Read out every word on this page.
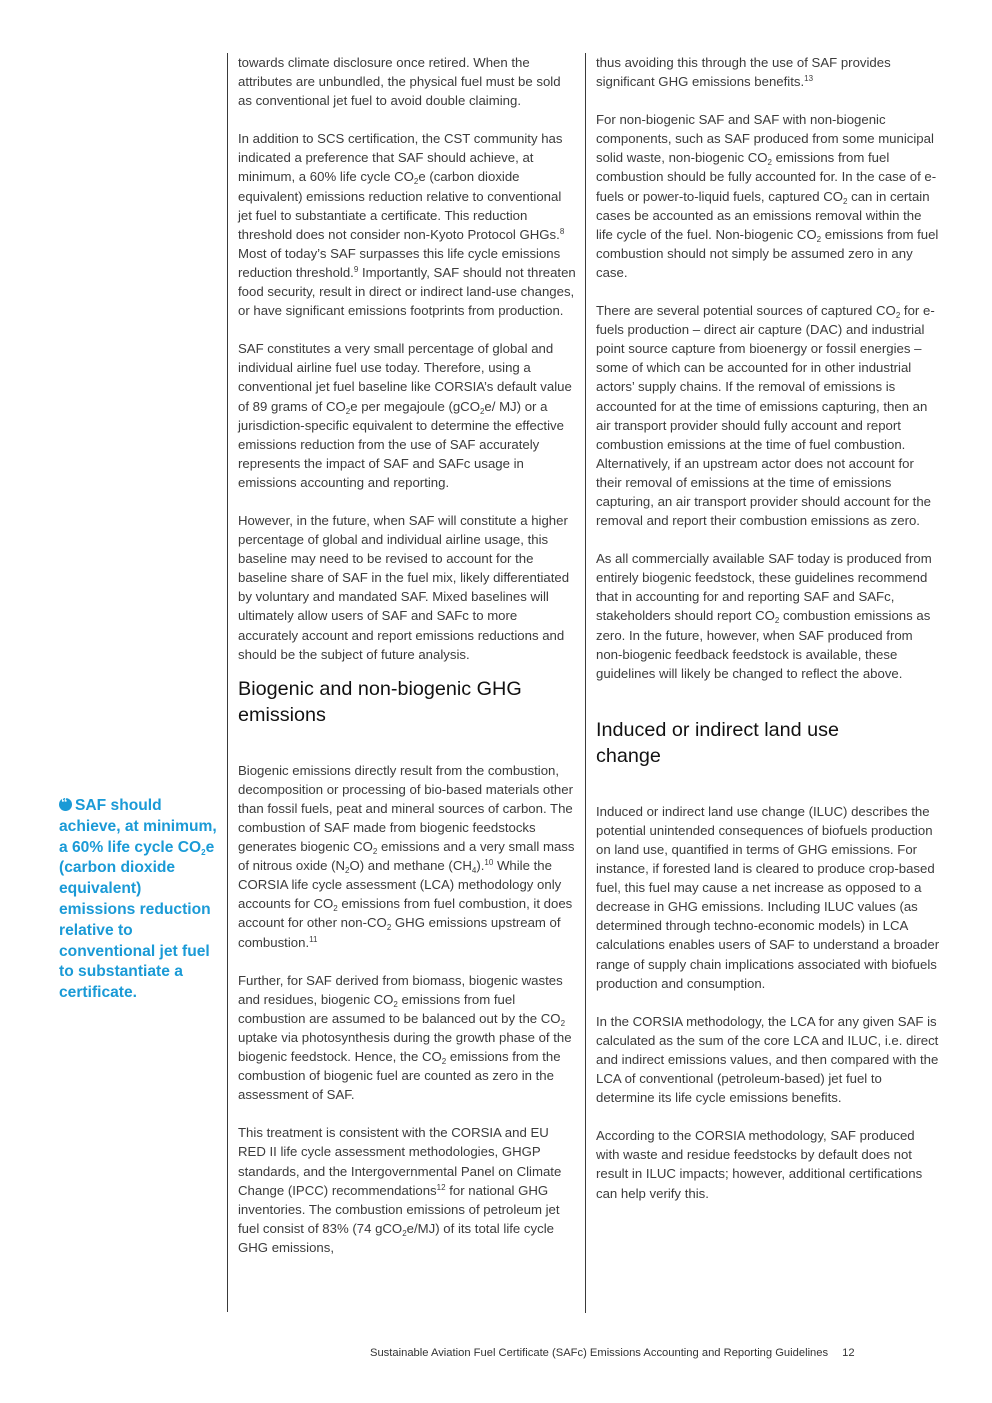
“SAF should achieve, at minimum, a 60% life cycle $CO_2e$ (carbon dioxide equivalent) emissions reduction relative to conventional jet fuel to substantiate a certificate.

towards climate disclosure once retired. When the attributes are unbundled, the physical fuel must be sold as conventional jet fuel to avoid double claiming.

In addition to SCS certification, the CST community has indicated a preference that SAF should achieve, at minimum, a 60% life cycle $CO_2e$ (carbon dioxide equivalent) emissions reduction relative to conventional jet fuel to substantiate a certificate. This reduction threshold does not consider non-Kyoto Protocol GHGs.$^8$ Most of today’s SAF surpasses this life cycle emissions reduction threshold.$^9$ Importantly, SAF should not threaten food security, result in direct or indirect land-use changes, or have significant emissions footprints from production.

SAF constitutes a very small percentage of global and individual airline fuel use today. Therefore, using a conventional jet fuel baseline like CORSIA’s default value of 89 grams of $CO_2e$ per megajoule (gCO$_2$e/ MJ) or a jurisdiction-specific equivalent to determine the effective emissions reduction from the use of SAF accurately represents the impact of SAF and SAFc usage in emissions accounting and reporting.

However, in the future, when SAF will constitute a higher percentage of global and individual airline usage, this baseline may need to be revised to account for the baseline share of SAF in the fuel mix, likely differentiated by voluntary and mandated SAF. Mixed baselines will ultimately allow users of SAF and SAFc to more accurately account and report emissions reductions and should be the subject of future analysis.

Biogenic and non-biogenic GHG emissions

Biogenic emissions directly result from the combustion, decomposition or processing of bio-based materials other than fossil fuels, peat and mineral sources of carbon. The combustion of SAF made from biogenic feedstocks generates biogenic $CO_2$ emissions and a very small mass of nitrous oxide $(N_2O)$ and methane $(CH_4).^{10}$ While the CORSIA life cycle assessment (LCA) methodology only accounts for $CO_2$ emissions from fuel combustion, it does account for other non-$CO_2$ GHG emissions upstream of combustion.$^{11}$

Further, for SAF derived from biomass, biogenic wastes and residues, biogenic $CO_2$ emissions from fuel combustion are assumed to be balanced out by the $CO_2$ uptake via photosynthesis during the growth phase of the biogenic feedstock. Hence, the $CO_2$ emissions from the combustion of biogenic fuel are counted as zero in the assessment of SAF.

This treatment is consistent with the CORSIA and EU RED II life cycle assessment methodologies, GHGP standards, and the Intergovernmental Panel on Climate Change (IPCC) recommendations$^{12}$ for national GHG inventories. The combustion emissions of petroleum jet fuel consist of 83% (74 gCO$_2$e/MJ) of its total life cycle GHG emissions,

thus avoiding this through the use of SAF provides significant GHG emissions benefits.$^{13}$

For non-biogenic SAF and SAF with non-biogenic components, such as SAF produced from some municipal solid waste, non-biogenic $CO_2$ emissions from fuel combustion should be fully accounted for. In the case of e-fuels or power-to-liquid fuels, captured $CO_2$ can in certain cases be accounted as an emissions removal within the life cycle of the fuel. Non-biogenic $CO_2$ emissions from fuel combustion should not simply be assumed zero in any case.

There are several potential sources of captured $CO_2$ for e-fuels production – direct air capture (DAC) and industrial point source capture from bioenergy or fossil energies – some of which can be accounted for in other industrial actors’ supply chains. If the removal of emissions is accounted for at the time of emissions capturing, then an air transport provider should fully account and report combustion emissions at the time of fuel combustion. Alternatively, if an upstream actor does not account for their removal of emissions at the time of emissions capturing, an air transport provider should account for the removal and report their combustion emissions as zero.

As all commercially available SAF today is produced from entirely biogenic feedstock, these guidelines recommend that in accounting for and reporting SAF and SAFc, stakeholders should report $CO_2$ combustion emissions as zero. In the future, however, when SAF produced from non-biogenic feedback feedstock is available, these guidelines will likely be changed to reflect the above.

Induced or indirect land use change

Induced or indirect land use change (ILUC) describes the potential unintended consequences of biofuels production on land use, quantified in terms of GHG emissions. For instance, if forested land is cleared to produce crop-based fuel, this fuel may cause a net increase as opposed to a decrease in GHG emissions. Including ILUC values (as determined through techno-economic models) in LCA calculations enables users of SAF to understand a broader range of supply chain implications associated with biofuels production and consumption.

In the CORSIA methodology, the LCA for any given SAF is calculated as the sum of the core LCA and ILUC, i.e. direct and indirect emissions values, and then compared with the LCA of conventional (petroleum-based) jet fuel to determine its life cycle emissions benefits.

According to the CORSIA methodology, SAF produced with waste and residue feedstocks by default does not result in ILUC impacts; however, additional certifications can help verify this.

Sustainable Aviation Fuel Certificate (SAFc) Emissions Accounting and Reporting Guidelines 12
